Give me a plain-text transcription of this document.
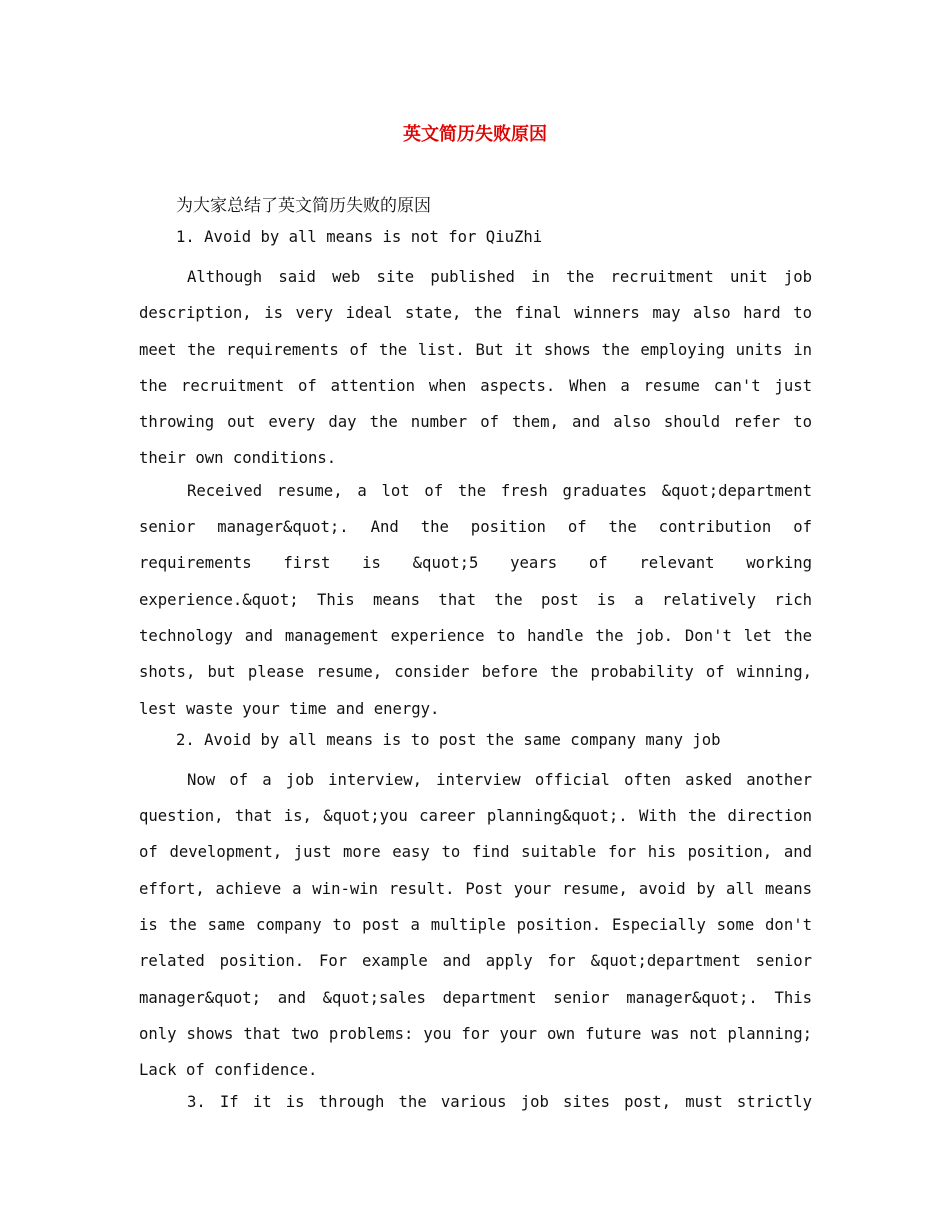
英文简历失败原因
为大家总结了英文简历失败的原因
1. Avoid by all means is not for QiuZhi

Although said web site published in the recruitment unit job description, is very ideal state, the final winners may also hard to meet the requirements of the list. But it shows the employing units in the recruitment of attention when aspects. When a resume can't just throwing out every day the number of them, and also should refer to their own conditions.

Received resume, a lot of the fresh graduates &quot;department senior manager&quot;. And the position of the contribution of requirements first is &quot;5 years of relevant working experience.&quot; This means that the post is a relatively rich technology and management experience to handle the job. Don't let the shots, but please resume, consider before the probability of winning, lest waste your time and energy.

2. Avoid by all means is to post the same company many job

Now of a job interview, interview official often asked another question, that is, &quot;you career planning&quot;. With the direction of development, just more easy to find suitable for his position, and effort, achieve a win-win result. Post your resume, avoid by all means is the same company to post a multiple position. Especially some don't related position. For example and apply for &quot;department senior manager&quot; and &quot;sales department senior manager&quot;. This only shows that two problems: you for your own future was not planning; Lack of confidence.

3. If it is through the various job sites post, must strictly
